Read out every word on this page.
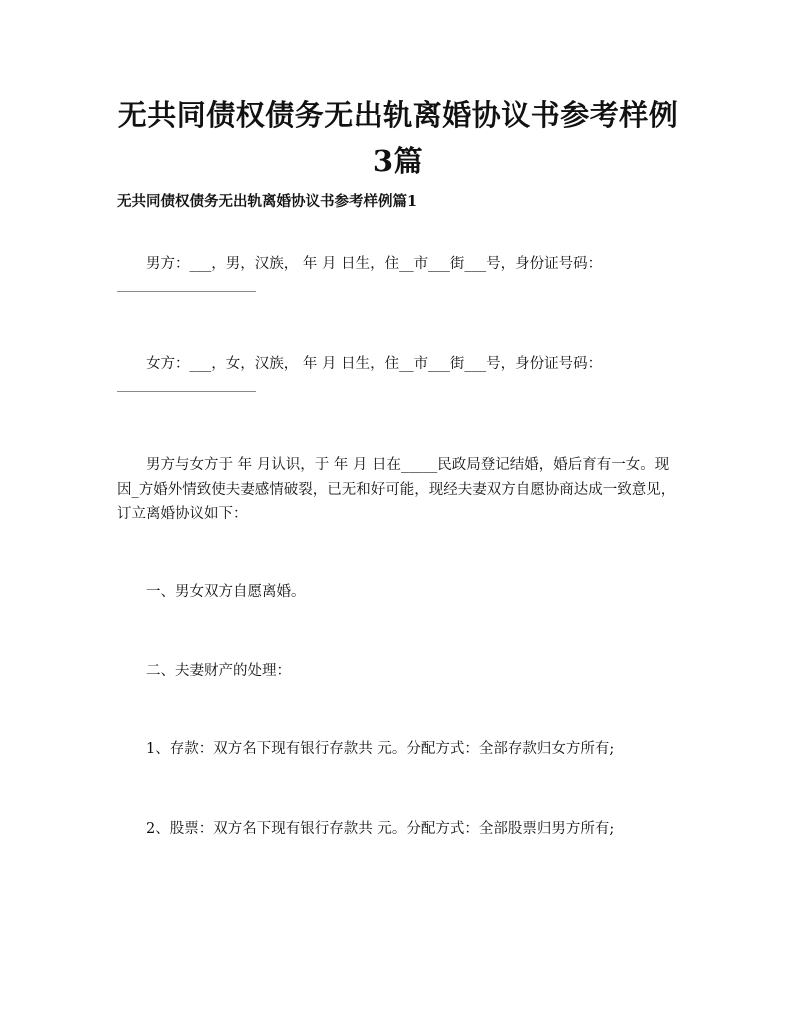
无共同债权债务无出轨离婚协议书参考样例
3篇

无共同债权债务无出轨离婚协议书参考样例篇1

男方：___，男，汉族， 年 月 日生，住__市___街___号，身份证号码：

女方：___，女，汉族， 年 月 日生，住__市___街___号，身份证号码：

男方与女方于 年 月认识，于 年 月 日在_____民政局登记结婚，婚后育有一女。现因_方婚外情致使夫妻感情破裂，已无和好可能，现经夫妻双方自愿协商达成一致意见，订立离婚协议如下：

一、男女双方自愿离婚。

二、夫妻财产的处理：

1、存款：双方名下现有银行存款共 元。分配方式：全部存款归女方所有;

2、股票：双方名下现有银行存款共 元。分配方式：全部股票归男方所有;
